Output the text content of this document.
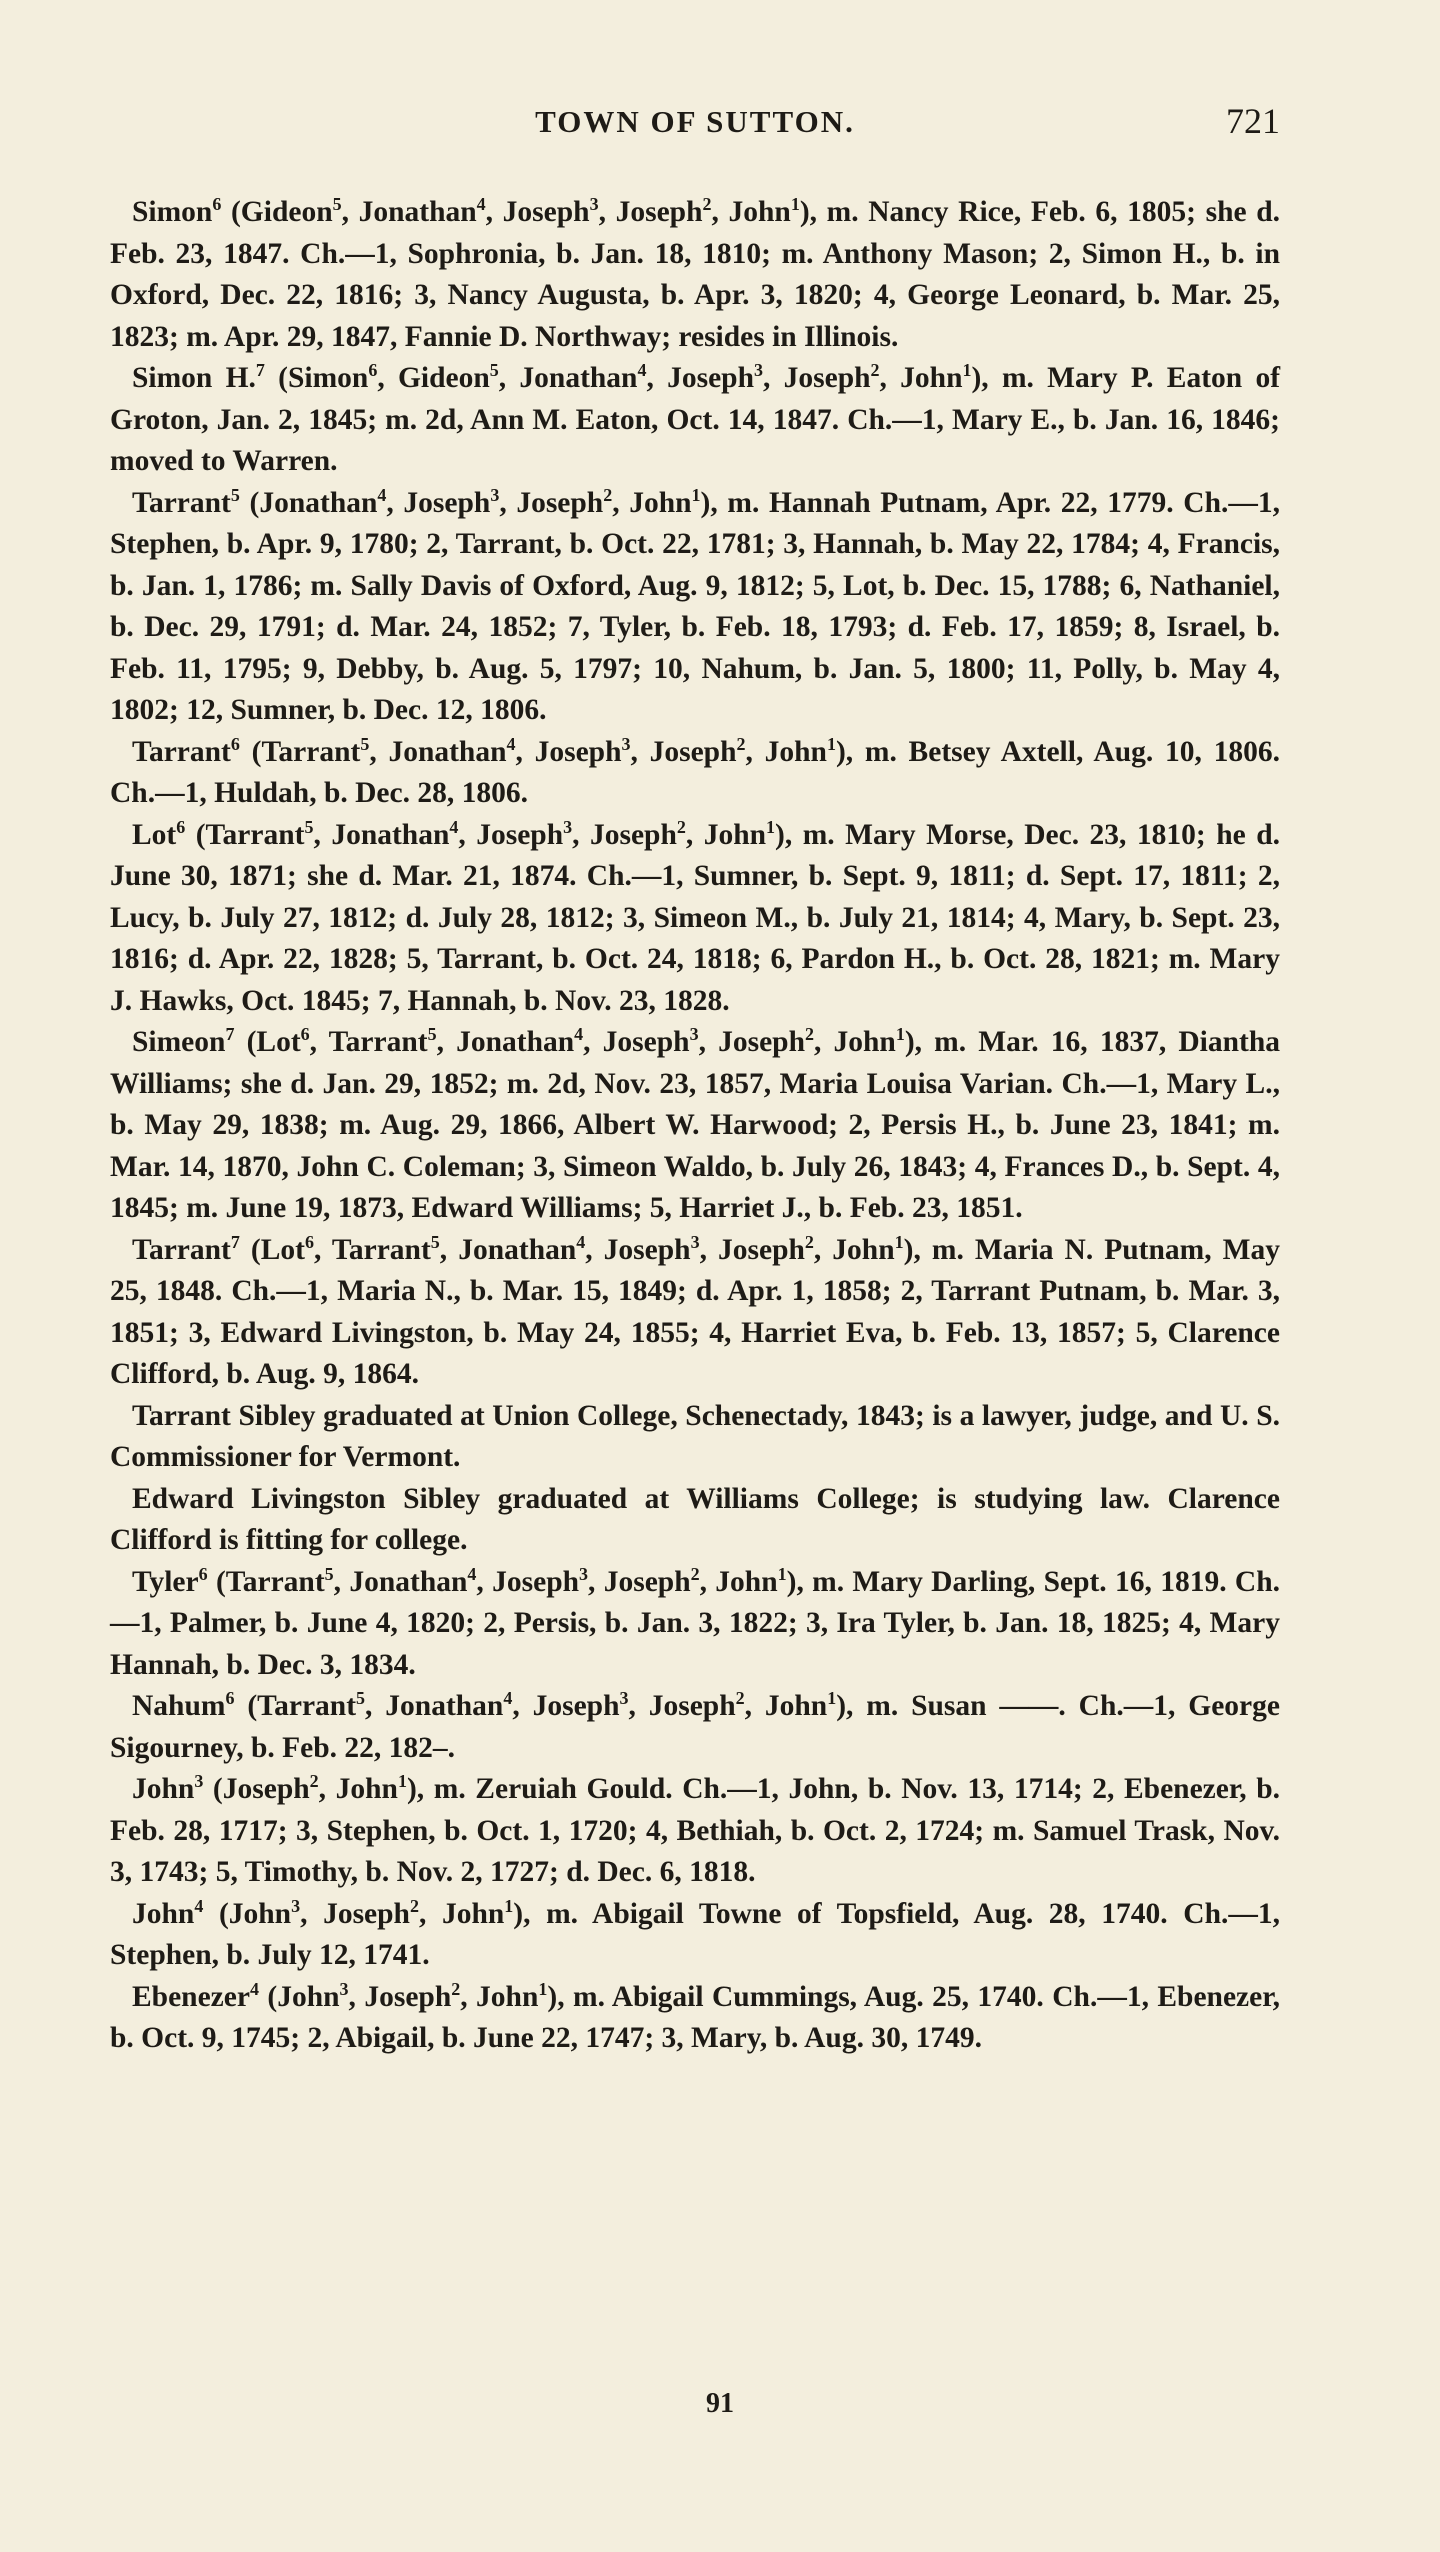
TOWN OF SUTTON.	721

Simon$^6$ (Gideon$^5$, Jonathan$^4$, Joseph$^3$, Joseph$^2$, John$^1$), m. Nancy Rice, Feb. 6, 1805; she d. Feb. 23, 1847. Ch.—1, Sophronia, b. Jan. 18, 1810; m. Anthony Mason; 2, Simon H., b. in Oxford, Dec. 22, 1816; 3, Nancy Augusta, b. Apr. 3, 1820; 4, George Leonard, b. Mar. 25, 1823; m. Apr. 29, 1847, Fannie D. Northway; resides in Illinois.

Simon H.$^7$ (Simon$^6$, Gideon$^5$, Jonathan$^4$, Joseph$^3$, Joseph$^2$, John$^1$), m. Mary P. Eaton of Groton, Jan. 2, 1845; m. 2d, Ann M. Eaton, Oct. 14, 1847. Ch.—1, Mary E., b. Jan. 16, 1846; moved to Warren.

Tarrant$^5$ (Jonathan$^4$, Joseph$^3$, Joseph$^2$, John$^1$), m. Hannah Putnam, Apr. 22, 1779. Ch.—1, Stephen, b. Apr. 9, 1780; 2, Tarrant, b. Oct. 22, 1781; 3, Hannah, b. May 22, 1784; 4, Francis, b. Jan. 1, 1786; m. Sally Davis of Oxford, Aug. 9, 1812; 5, Lot, b. Dec. 15, 1788; 6, Nathaniel, b. Dec. 29, 1791; d. Mar. 24, 1852; 7, Tyler, b. Feb. 18, 1793; d. Feb. 17, 1859; 8, Israel, b. Feb. 11, 1795; 9, Debby, b. Aug. 5, 1797; 10, Nahum, b. Jan. 5, 1800; 11, Polly, b. May 4, 1802; 12, Sumner, b. Dec. 12, 1806.

Tarrant$^6$ (Tarrant$^5$, Jonathan$^4$, Joseph$^3$, Joseph$^2$, John$^1$), m. Betsey Axtell, Aug. 10, 1806. Ch.—1, Huldah, b. Dec. 28, 1806.

Lot$^6$ (Tarrant$^5$, Jonathan$^4$, Joseph$^3$, Joseph$^2$, John$^1$), m. Mary Morse, Dec. 23, 1810; he d. June 30, 1871; she d. Mar. 21, 1874. Ch.—1, Sumner, b. Sept. 9, 1811; d. Sept. 17, 1811; 2, Lucy, b. July 27, 1812; d. July 28, 1812; 3, Simeon M., b. July 21, 1814; 4, Mary, b. Sept. 23, 1816; d. Apr. 22, 1828; 5, Tarrant, b. Oct. 24, 1818; 6, Pardon H., b. Oct. 28, 1821; m. Mary J. Hawks, Oct. 1845; 7, Hannah, b. Nov. 23, 1828.

Simeon$^7$ (Lot$^6$, Tarrant$^5$, Jonathan$^4$, Joseph$^3$, Joseph$^2$, John$^1$), m. Mar. 16, 1837, Diantha Williams; she d. Jan. 29, 1852; m. 2d, Nov. 23, 1857, Maria Louisa Varian. Ch.—1, Mary L., b. May 29, 1838; m. Aug. 29, 1866, Albert W. Harwood; 2, Persis H., b. June 23, 1841; m. Mar. 14, 1870, John C. Coleman; 3, Simeon Waldo, b. July 26, 1843; 4, Frances D., b. Sept. 4, 1845; m. June 19, 1873, Edward Williams; 5, Harriet J., b. Feb. 23, 1851.

Tarrant$^7$ (Lot$^6$, Tarrant$^5$, Jonathan$^4$, Joseph$^3$, Joseph$^2$, John$^1$), m. Maria N. Putnam, May 25, 1848. Ch.—1, Maria N., b. Mar. 15, 1849; d. Apr. 1, 1858; 2, Tarrant Putnam, b. Mar. 3, 1851; 3, Edward Livingston, b. May 24, 1855; 4, Harriet Eva, b. Feb. 13, 1857; 5, Clarence Clifford, b. Aug. 9, 1864.

Tarrant Sibley graduated at Union College, Schenectady, 1843; is a lawyer, judge, and U. S. Commissioner for Vermont.

Edward Livingston Sibley graduated at Williams College; is studying law. Clarence Clifford is fitting for college.

Tyler$^6$ (Tarrant$^5$, Jonathan$^4$, Joseph$^3$, Joseph$^2$, John$^1$), m. Mary Darling, Sept. 16, 1819. Ch.—1, Palmer, b. June 4, 1820; 2, Persis, b. Jan. 3, 1822; 3, Ira Tyler, b. Jan. 18, 1825; 4, Mary Hannah, b. Dec. 3, 1834.

Nahum$^6$ (Tarrant$^5$, Jonathan$^4$, Joseph$^3$, Joseph$^2$, John$^1$), m. Susan ——. Ch.—1, George Sigourney, b. Feb. 22, 182–.

John$^3$ (Joseph$^2$, John$^1$), m. Zeruiah Gould. Ch.—1, John, b. Nov. 13, 1714; 2, Ebenezer, b. Feb. 28, 1717; 3, Stephen, b. Oct. 1, 1720; 4, Bethiah, b. Oct. 2, 1724; m. Samuel Trask, Nov. 3, 1743; 5, Timothy, b. Nov. 2, 1727; d. Dec. 6, 1818.

John$^4$ (John$^3$, Joseph$^2$, John$^1$), m. Abigail Towne of Topsfield, Aug. 28, 1740. Ch.—1, Stephen, b. July 12, 1741.

Ebenezer$^4$ (John$^3$, Joseph$^2$, John$^1$), m. Abigail Cummings, Aug. 25, 1740. Ch.—1, Ebenezer, b. Oct. 9, 1745; 2, Abigail, b. June 22, 1747; 3, Mary, b. Aug. 30, 1749.

91
